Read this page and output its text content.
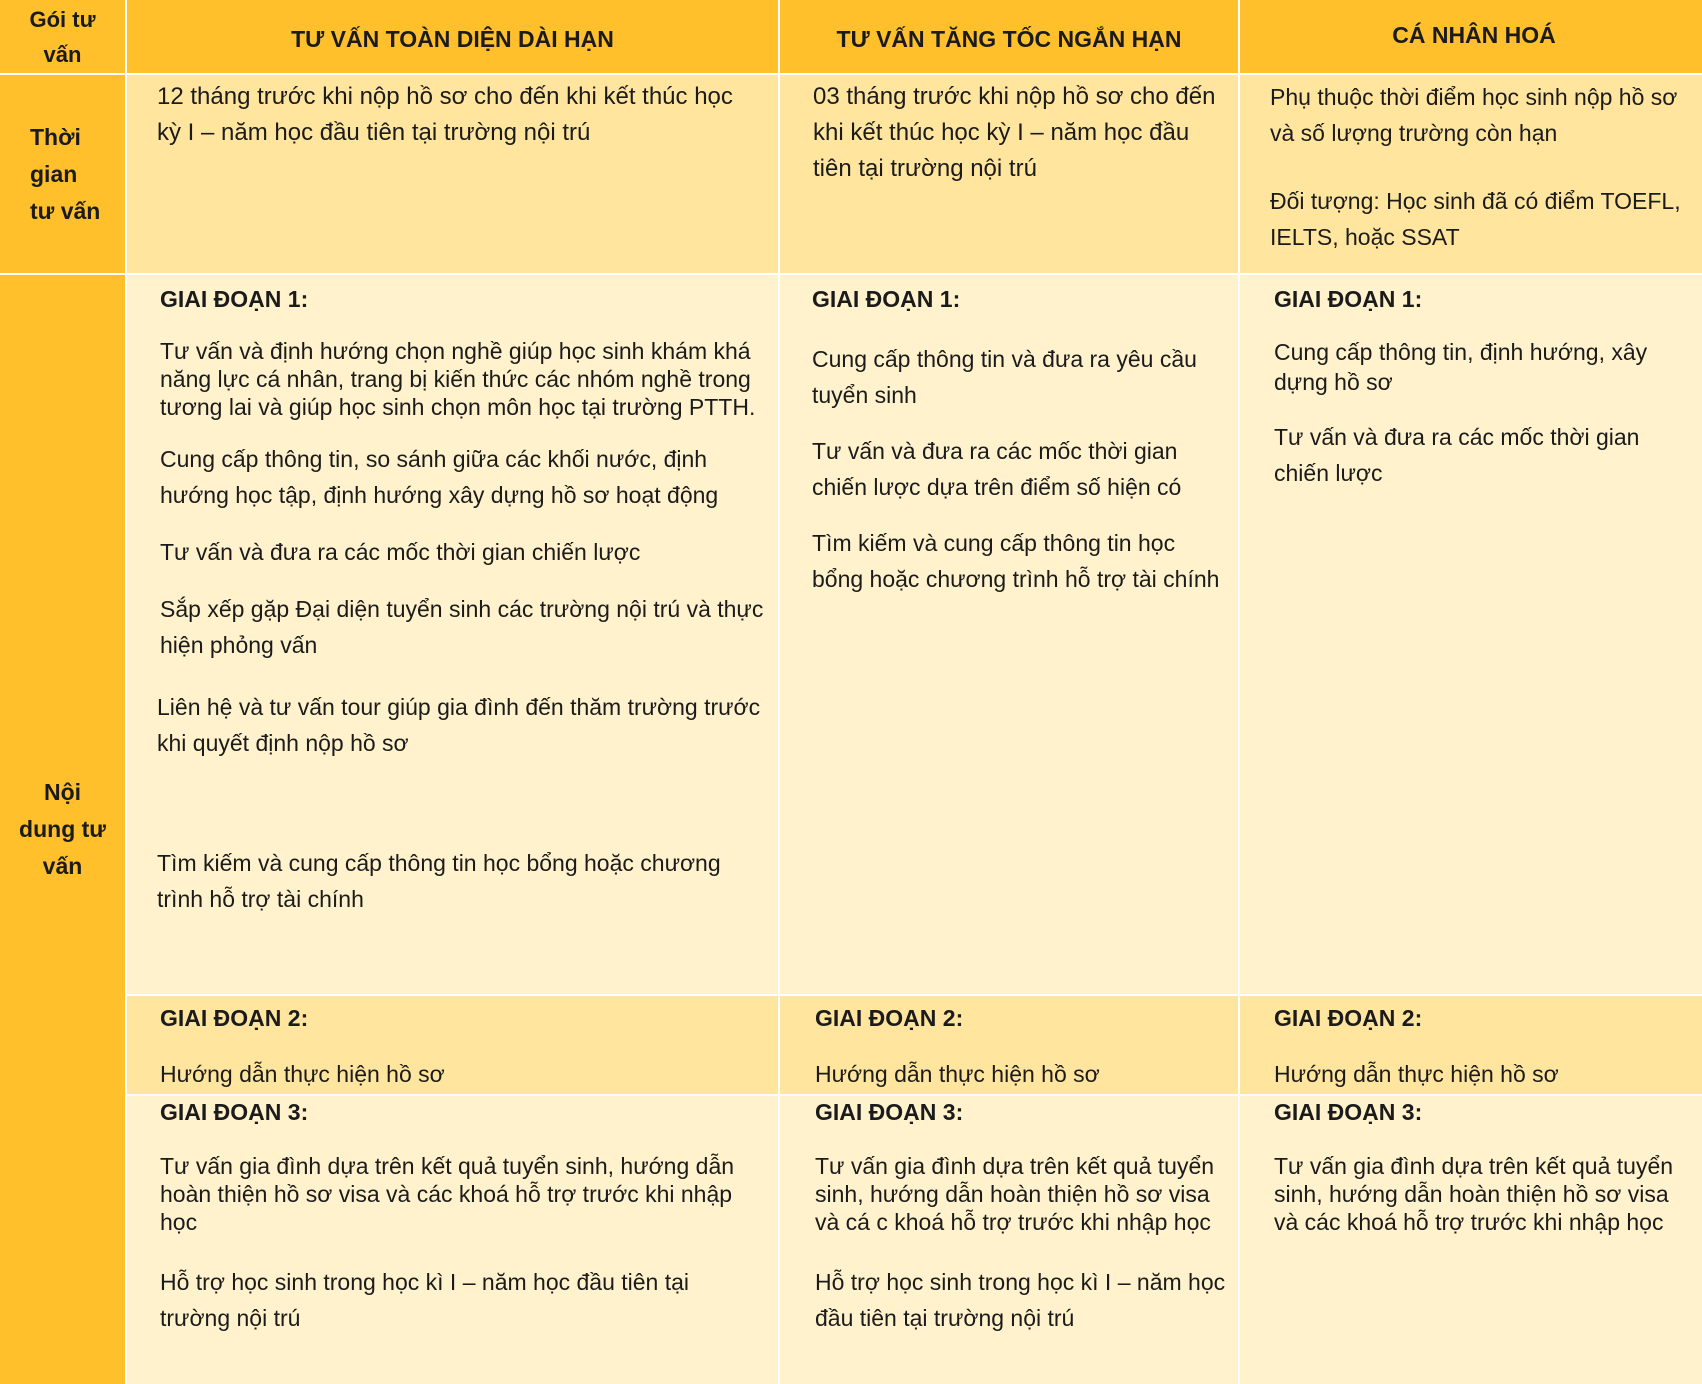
Gói tư vấn
TƯ VẤN TOÀN DIỆN DÀI HẠN	TƯ VẤN TĂNG TỐC NGẮN HẠN	CÁ NHÂN HOÁ
Thời gian tư vấn

12 tháng trước khi nộp hồ sơ cho đến khi kết thúc học kỳ I – năm học đầu tiên tại trường nội trú

03 tháng trước khi nộp hồ sơ cho đến khi kết thúc học kỳ I – năm học đầu tiên tại trường nội trú

Phụ thuộc thời điểm học sinh nộp hồ sơ và số lượng trường còn hạn

Đối tượng: Học sinh đã có điểm TOEFL, IELTS, hoặc SSAT

Nội dung tư vấn

GIAI ĐOẠN 1:

Tư vấn và định hướng chọn nghề giúp học sinh khám khá năng lực cá nhân, trang bị kiến thức các nhóm nghề trong tương lai và giúp học sinh chọn môn học tại trường PTTH.

Cung cấp thông tin, so sánh giữa các khối nước, định hướng học tập, định hướng xây dựng hồ sơ hoạt động

Tư vấn và đưa ra các mốc thời gian chiến lược

Sắp xếp gặp Đại diện tuyển sinh các trường nội trú và thực hiện phỏng vấn

Liên hệ và tư vấn tour giúp gia đình đến thăm trường trước khi quyết định nộp hồ sơ

Tìm kiếm và cung cấp thông tin học bổng hoặc chương trình hỗ trợ tài chính

GIAI ĐOẠN 1:

Cung cấp thông tin và đưa ra yêu cầu tuyển sinh

Tư vấn và đưa ra các mốc thời gian chiến lược dựa trên điểm số hiện có

Tìm kiếm và cung cấp thông tin học bổng hoặc chương trình hỗ trợ tài chính

GIAI ĐOẠN 1:

Cung cấp thông tin, định hướng, xây dựng hồ sơ

Tư vấn và đưa ra các mốc thời gian chiến lược

GIAI ĐOẠN 2:

Hướng dẫn thực hiện hồ sơ

GIAI ĐOẠN 2:

Hướng dẫn thực hiện hồ sơ

GIAI ĐOẠN 2:

Hướng dẫn thực hiện hồ sơ

GIAI ĐOẠN 3:

Tư vấn gia đình dựa trên kết quả tuyển sinh, hướng dẫn hoàn thiện hồ sơ visa và các khoá hỗ trợ trước khi nhập học

Hỗ trợ học sinh trong học kì I – năm học đầu tiên tại trường nội trú

GIAI ĐOẠN 3:

Tư vấn gia đình dựa trên kết quả tuyển sinh, hướng dẫn hoàn thiện hồ sơ visa và cá c khoá hỗ trợ trước khi nhập học

Hỗ trợ học sinh trong học kì I – năm học đầu tiên tại trường nội trú

GIAI ĐOẠN 3:

Tư vấn gia đình dựa trên kết quả tuyển sinh, hướng dẫn hoàn thiện hồ sơ visa và các khoá hỗ trợ trước khi nhập học
